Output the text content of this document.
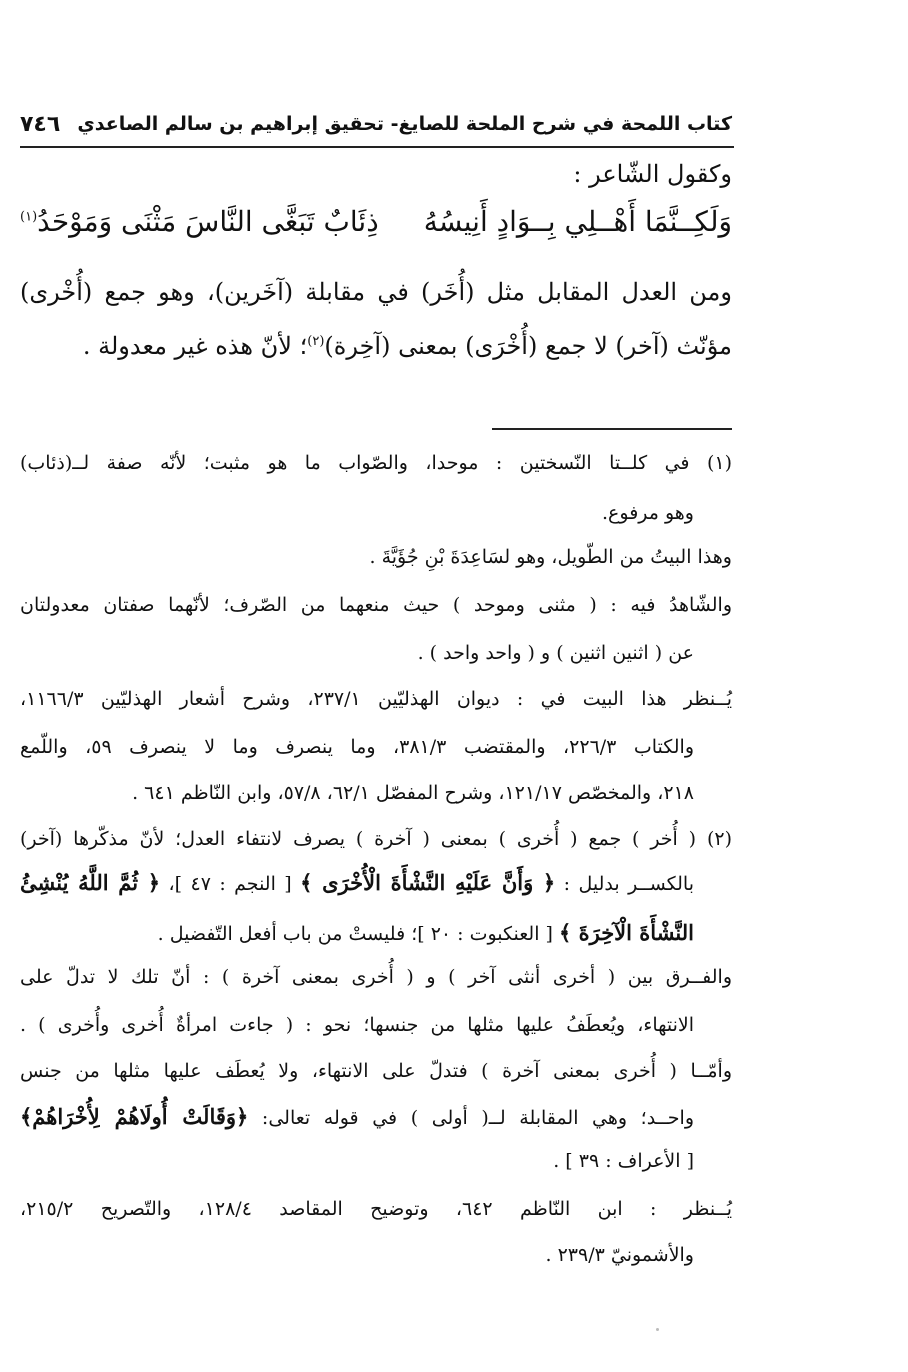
كتاب اللمحة في شرح الملحة للصايغ- تحقيق إبراهيم بن سالم الصاعدي
٧٤٦
وكقول الشّاعر :
وَلَكِــنَّمَا أَهْــلِي بِــوَادٍ أَنِيسُهُ
ذِئَابٌ تَبَغَّى النَّاسَ مَثْنَى وَمَوْحَدُ$^{(١)}$
ومن العدل المقابل مثل (أُخَر) في مقابلة (آخَرين)، وهو جمع (أُخْرى)
مؤنّث (آخر) لا جمع (أُخْرَى) بمعنى (آخِرة)$^{(٢)}$؛ لأنّ هذه غير معدولة .
(١) في كلــتا النّسختين : موحدا، والصّواب ما هو مثبت؛ لأنّه صفة لــ(ذئاب)
وهو مرفوع.
وهذا البيتُ من الطّويل، وهو لسَاعِدَةَ بْنِ جُؤَيَّةَ .
والشّاهدُ فيه : ( مثنى وموحد ) حيث منعهما من الصّرف؛ لأنّهما صفتان معدولتان
عن ( اثنين اثنين ) و ( واحد واحد ) .
يُــنظر هذا البيت في : ديوان الهذليّين ٢٣٧/١، وشرح أشعار الهذليّين ١١٦٦/٣،
والكتاب ٢٢٦/٣، والمقتضب ٣٨١/٣، وما ينصرف وما لا ينصرف ٥٩، واللّمع
٢١٨، والمخصّص ١٢١/١٧، وشرح المفصّل ٦٢/١، ٥٧/٨، وابن النّاظم ٦٤١ .
(٢) ( أُخر ) جمع ( أُخرى ) بمعنى ( آخرة ) يصرف لانتفاء العدل؛ لأنّ مذكّرها (آخر)
بالكســر بدليل : ﴿ وَأَنَّ عَلَيْهِ النَّشْأَةَ الْأُخْرَى ﴾ [ النجم : ٤٧ ]، ﴿ ثُمَّ اللَّهُ يُنْشِئُ
النَّشْأَةَ الْآخِرَةَ ﴾ [ العنكبوت : ٢٠ ]؛ فليستْ من باب أفعل التّفضيل .
والفــرق بين ( أخرى أنثى آخر ) و ( أُخرى بمعنى آخرة ) : أنّ تلك لا تدلّ على
الانتهاء، ويُعطَفُ عليها مثلها من جنسها؛ نحو : ( جاءت امرأةٌ أُخرى وأُخرى ) .
وأمّــا ( أُخرى بمعنى آخرة ) فتدلّ على الانتهاء، ولا يُعطَف عليها مثلها من جنس
واحــد؛ وهي المقابلة لــ( أولى ) في قوله تعالى: ﴿وَقَالَتْ أُولَاهُمْ لِأُخْرَاهُمْ﴾
[ الأعراف : ٣٩ ] .
يُــنظر : ابن النّاظم ٦٤٢، وتوضيح المقاصد ١٢٨/٤، والتّصريح ٢١٥/٢،
والأشمونيّ ٢٣٩/٣ .
